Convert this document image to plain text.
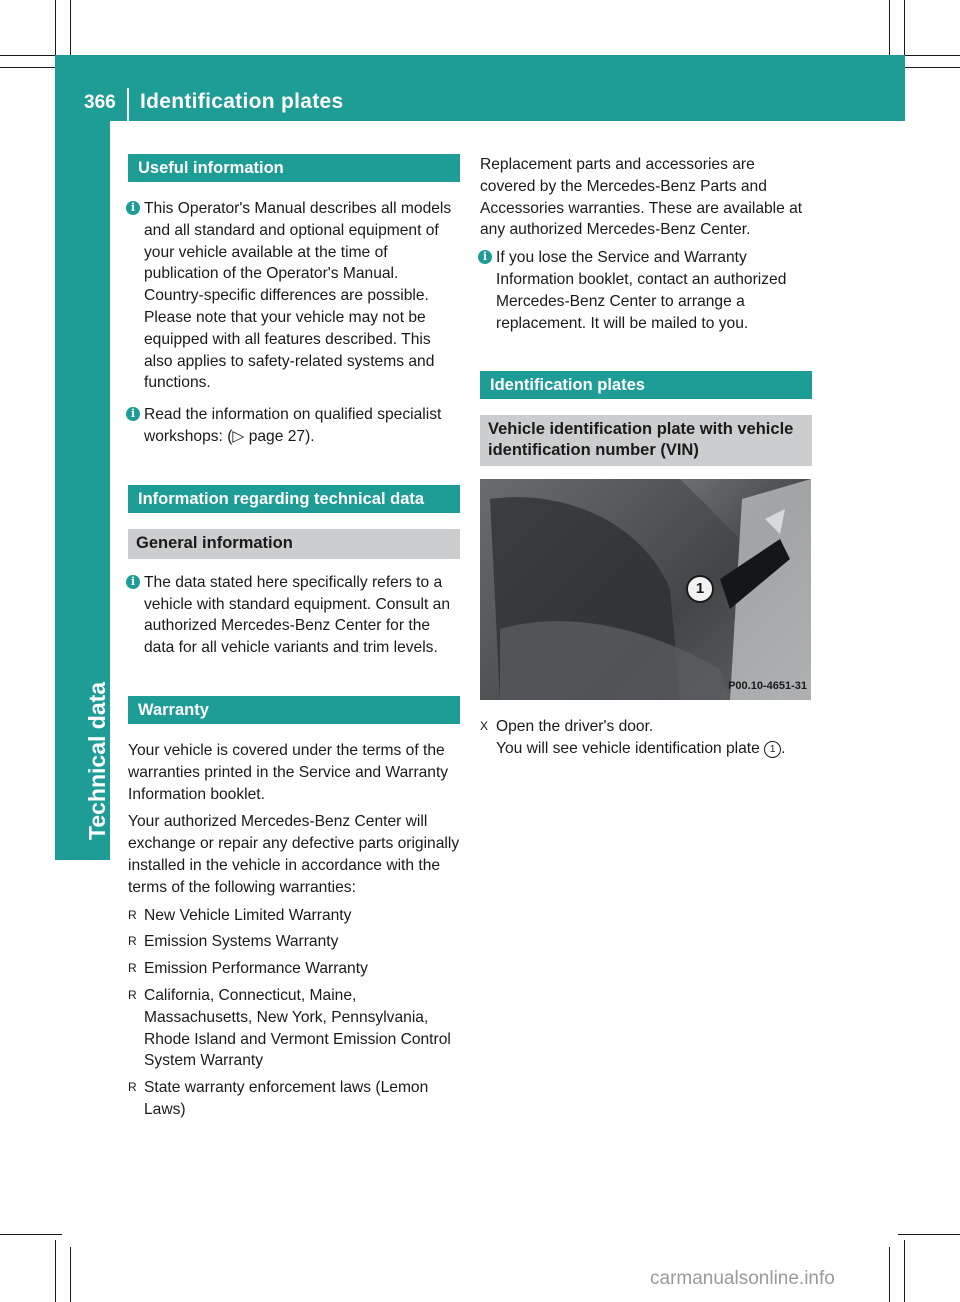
366 Identification plates
Technical data
Useful information
i This Operator's Manual describes all models and all standard and optional equipment of your vehicle available at the time of publication of the Operator's Manual. Country-specific differences are possible. Please note that your vehicle may not be equipped with all features described. This also applies to safety-related systems and functions.
i Read the information on qualified specialist workshops: (▷ page 27).
Information regarding technical data
General information
i The data stated here specifically refers to a vehicle with standard equipment. Consult an authorized Mercedes-Benz Center for the data for all vehicle variants and trim levels.
Warranty

Your vehicle is covered under the terms of the warranties printed in the Service and Warranty Information booklet.

Your authorized Mercedes-Benz Center will exchange or repair any defective parts originally installed in the vehicle in accordance with the terms of the following warranties:

R New Vehicle Limited Warranty
R Emission Systems Warranty
R Emission Performance Warranty
R California, Connecticut, Maine, Massachusetts, New York, Pennsylvania, Rhode Island and Vermont Emission Control System Warranty
R State warranty enforcement laws (Lemon Laws)

Replacement parts and accessories are covered by the Mercedes-Benz Parts and Accessories warranties. These are available at any authorized Mercedes-Benz Center.

i If you lose the Service and Warranty Information booklet, contact an authorized Mercedes-Benz Center to arrange a replacement. It will be mailed to you.
Identification plates
Vehicle identification plate with vehicle identification number (VIN)
1
P00.10-4651-31
X Open the driver's door.
You will see vehicle identification plate 1 .
carmanualsonline.info
